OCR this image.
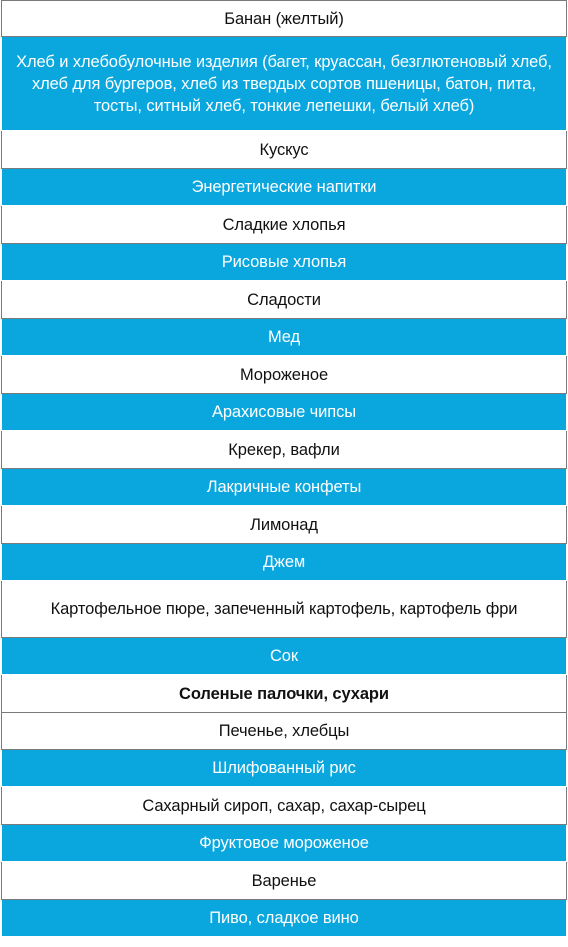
Банан (желтый)
Хлеб и хлебобулочные изделия (багет, круассан, безглютеновый хлеб, хлеб для бургеров, хлеб из твердых сортов пшеницы, батон, пита, тосты, ситный хлеб, тонкие лепешки, белый хлеб)
Кускус
Энергетические напитки
Сладкие хлопья
Рисовые хлопья
Сладости
Мед
Мороженое
Арахисовые чипсы
Крекер, вафли
Лакричные конфеты
Лимонад
Джем
Картофельное пюре, запеченный картофель, картофель фри
Сок
Соленые палочки, сухари
Печенье, хлебцы
Шлифованный рис
Сахарный сироп, сахар, сахар-сырец
Фруктовое мороженое
Варенье
Пиво, сладкое вино
